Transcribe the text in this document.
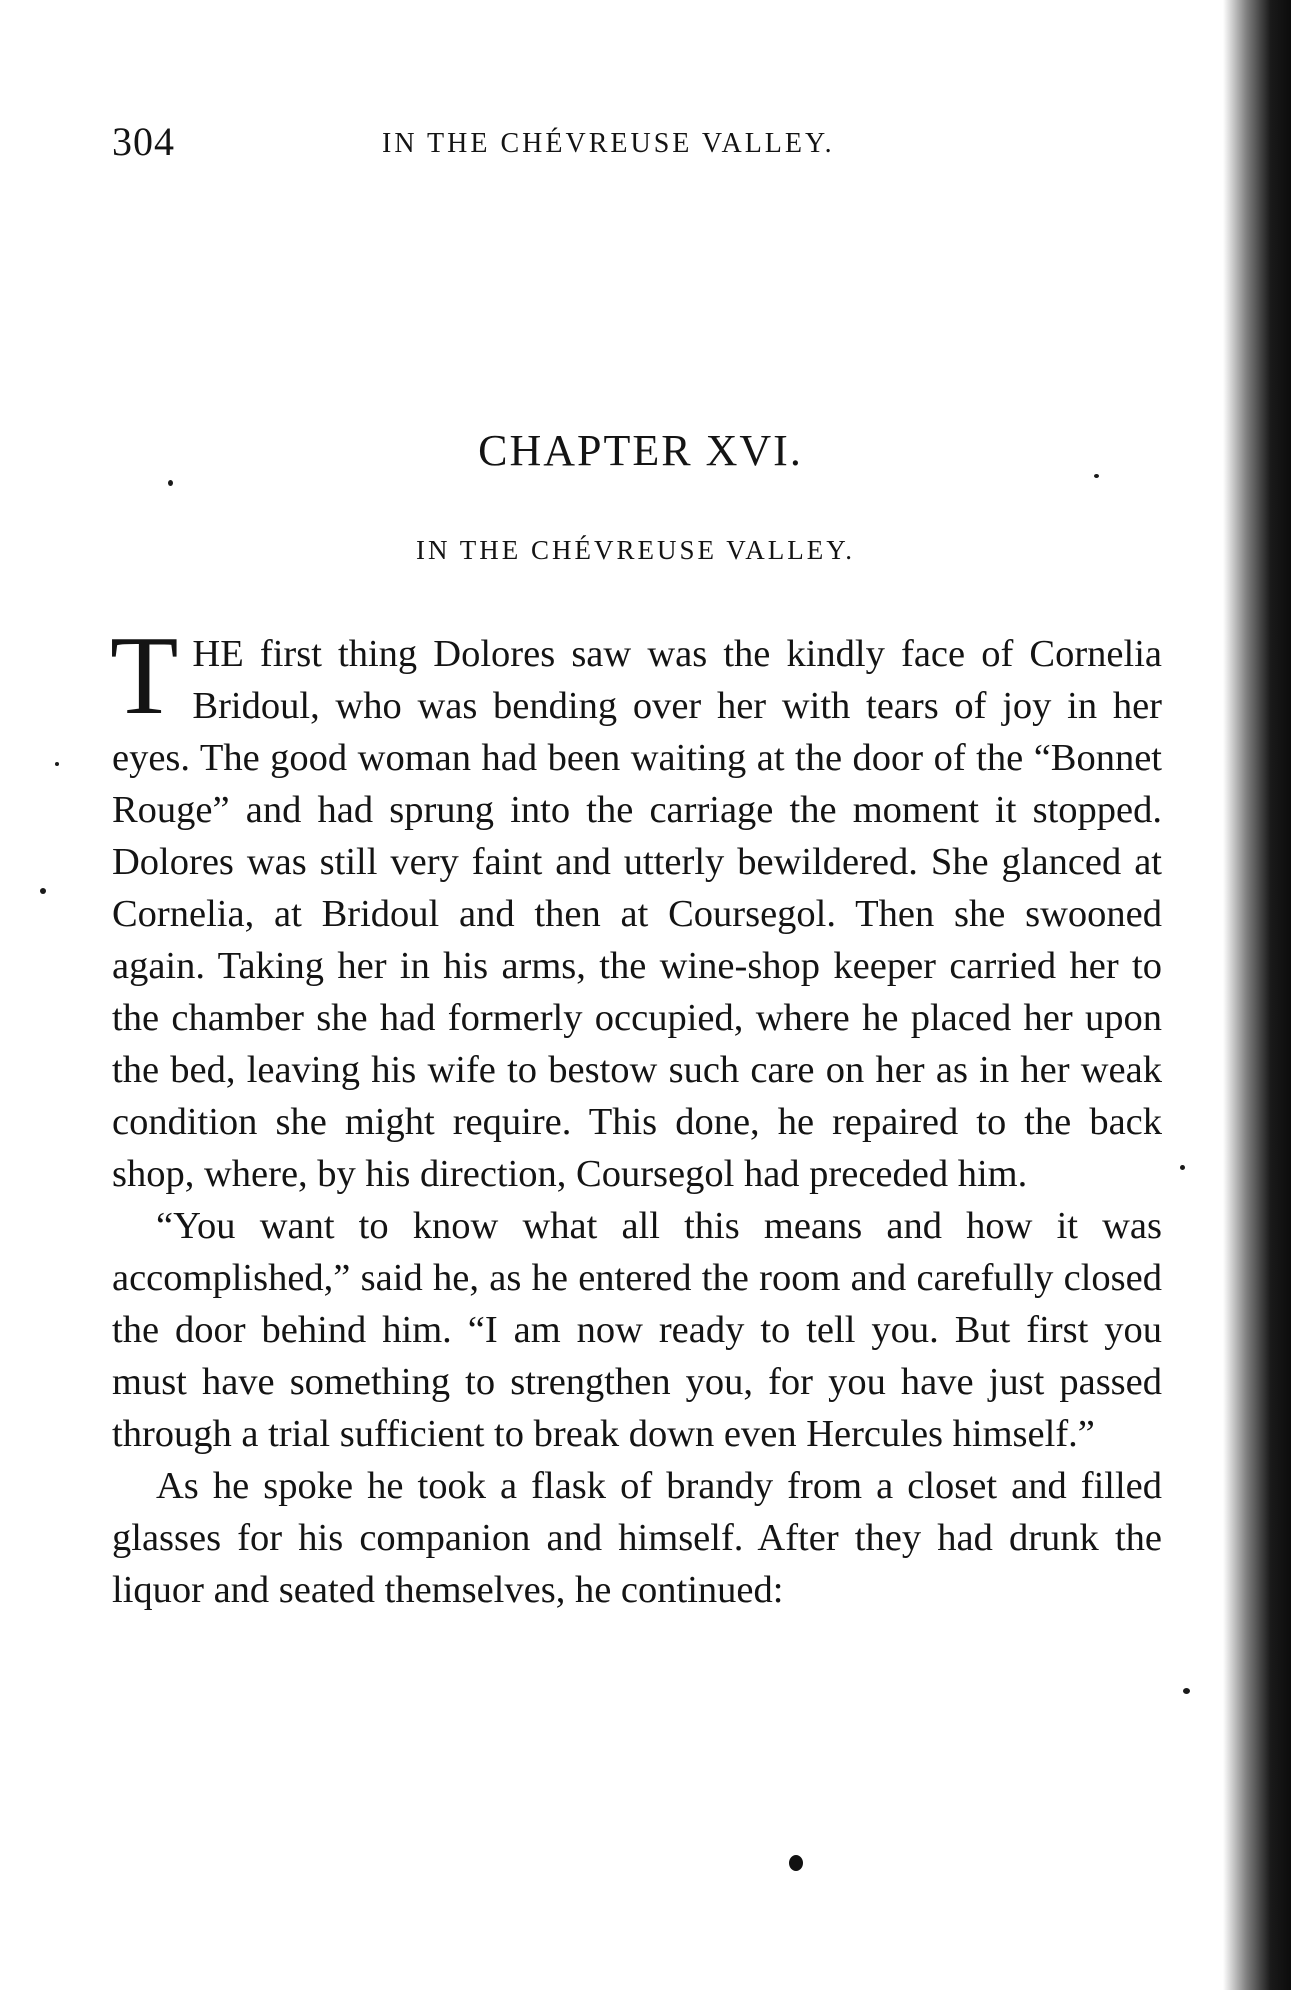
304	IN THE CHÉVREUSE VALLEY.
CHAPTER XVI.
IN THE CHÉVREUSE VALLEY.

THE first thing Dolores saw was the kindly face of Cornelia Bridoul, who was bending over her with tears of joy in her eyes. The good woman had been waiting at the door of the “Bonnet Rouge” and had sprung into the carriage the moment it stopped. Dolores was still very faint and utterly bewildered. She glanced at Cornelia, at Bridoul and then at Coursegol. Then she swooned again. Taking her in his arms, the wine-shop keeper carried her to the chamber she had formerly occupied, where he placed her upon the bed, leaving his wife to bestow such care on her as in her weak condition she might require. This done, he repaired to the back shop, where, by his direction, Coursegol had preceded him.

“You want to know what all this means and how it was accomplished,” said he, as he entered the room and carefully closed the door behind him. “I am now ready to tell you. But first you must have something to strengthen you, for you have just passed through a trial sufficient to break down even Hercules himself.”

As he spoke he took a flask of brandy from a closet and filled glasses for his companion and himself. After they had drunk the liquor and seated themselves, he continued:
